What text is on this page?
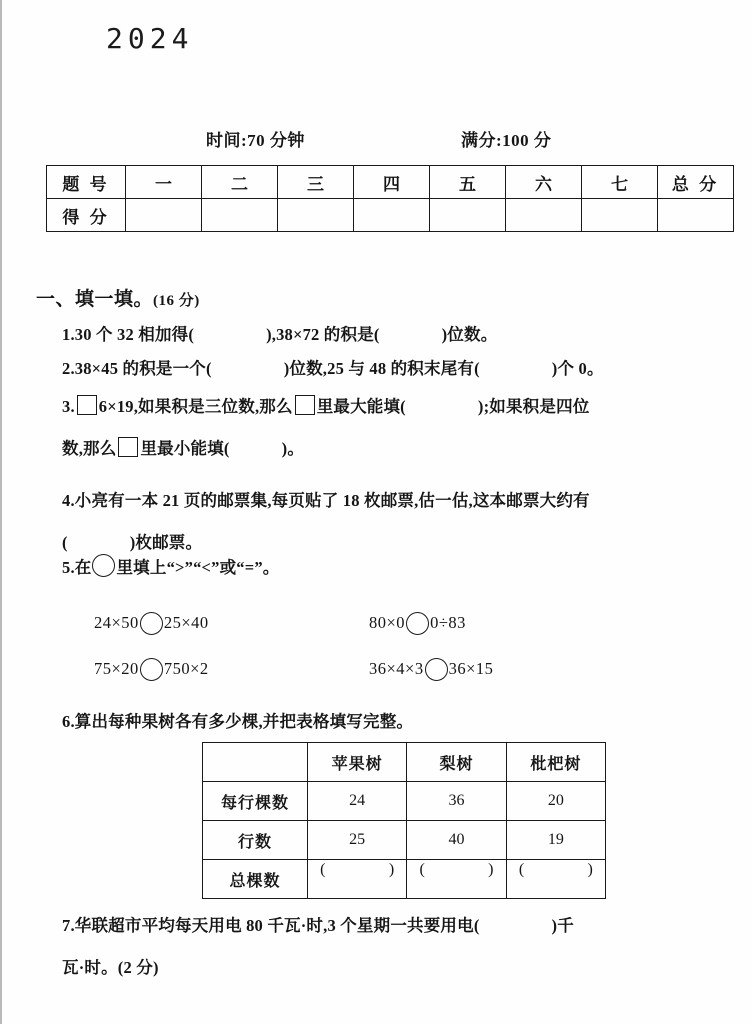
2024
时间:70 分钟	满分:100 分
题 号	一	二	三	四	五	六	七	总 分
得 分								
一、填一填。(16 分)
1.30 个 32 相加得(	),38×72 的积是(	)位数。
2.38×45 的积是一个(	)位数,25 与 48 的积末尾有(	)个 0。
3. 6×19,如果积是三位数,那么 里最大能填(	);如果积是四位
数,那么 里最小能填(	)。
4.小亮有一本 21 页的邮票集,每页贴了 18 枚邮票,估一估,这本邮票大约有
(	)枚邮票。
5.在 里填上“>”“<”或“=”。
24×50 25×40	80×0 0÷83
75×20 750×2	36×4×3 36×15
6.算出每种果树各有多少棵,并把表格填写完整。
	苹果树	梨树	枇杷树
每行棵数	24	36	20
行数	25	40	19
总棵数	( )	( )	( )
7.华联超市平均每天用电 80 千瓦·时,3 个星期一共要用电(	)千
瓦·时。(2 分)
